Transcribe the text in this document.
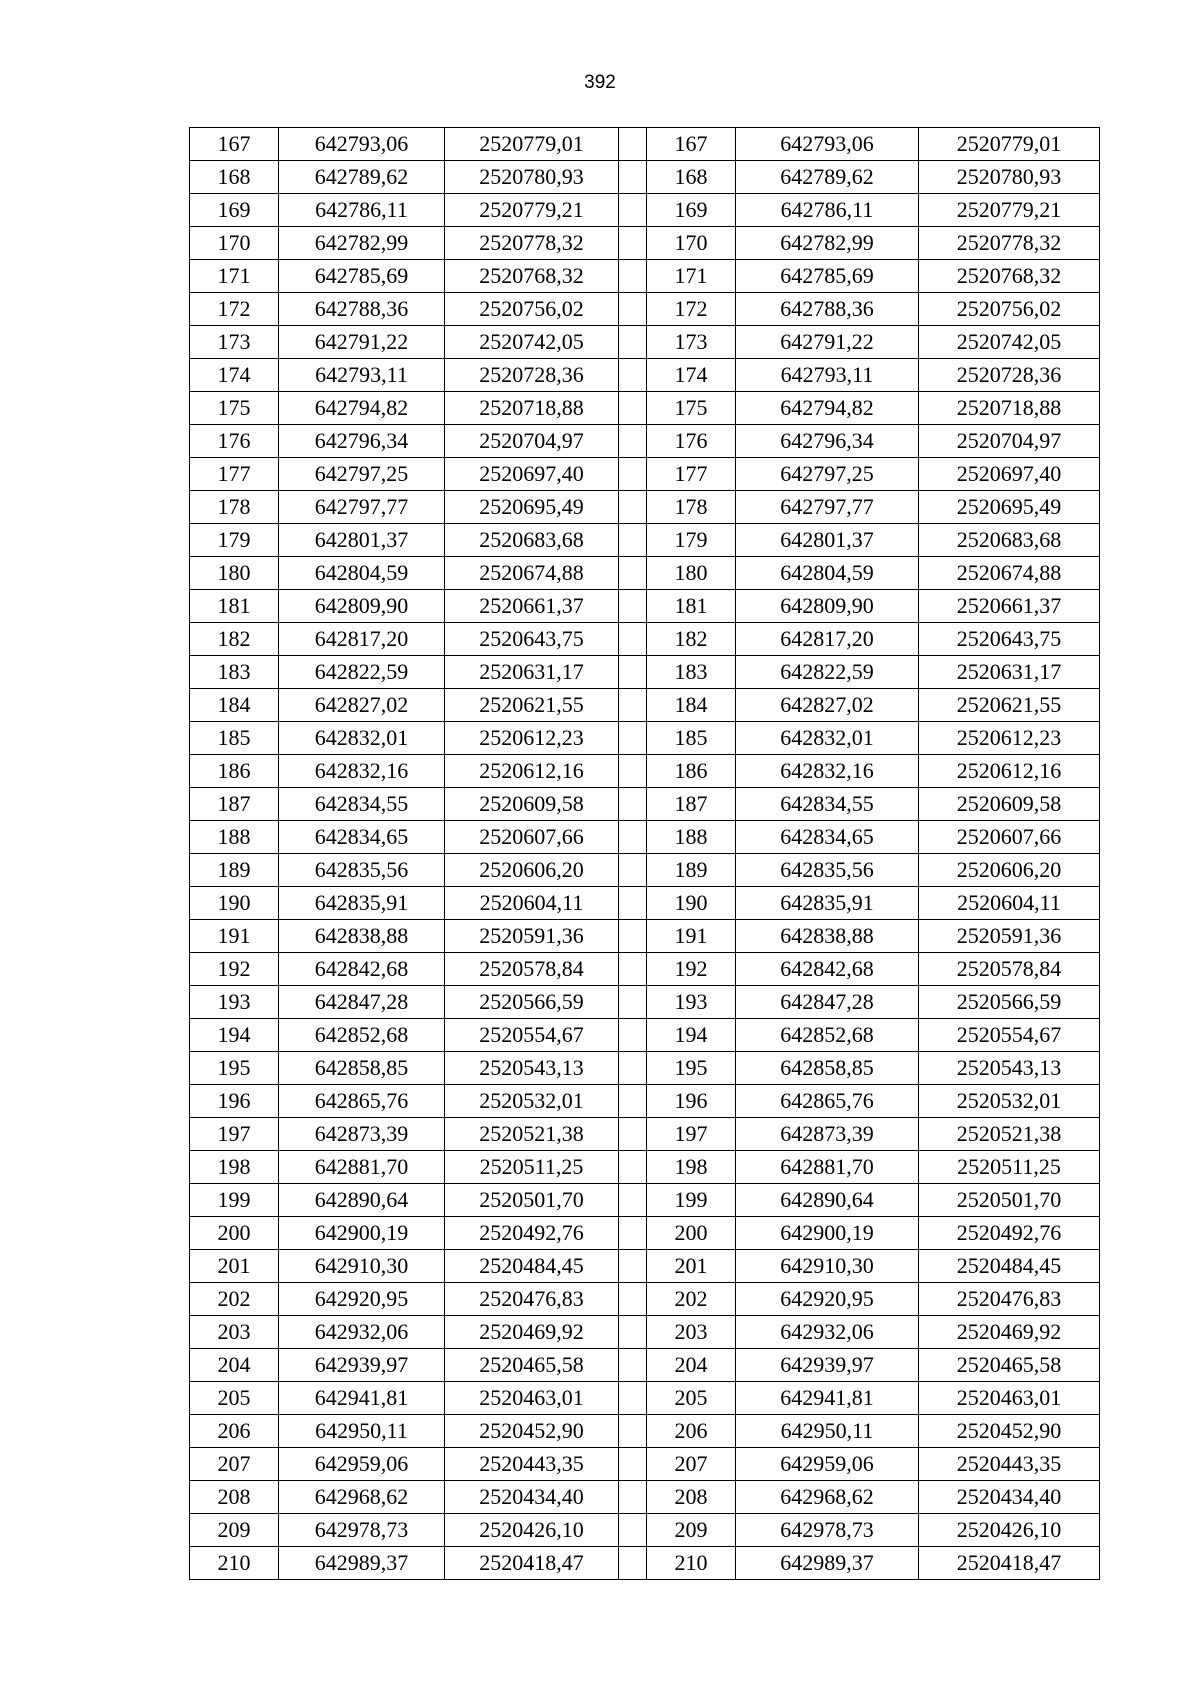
392
167	642793,06	2520779,01		167	642793,06	2520779,01
168	642789,62	2520780,93		168	642789,62	2520780,93
169	642786,11	2520779,21		169	642786,11	2520779,21
170	642782,99	2520778,32		170	642782,99	2520778,32
171	642785,69	2520768,32		171	642785,69	2520768,32
172	642788,36	2520756,02		172	642788,36	2520756,02
173	642791,22	2520742,05		173	642791,22	2520742,05
174	642793,11	2520728,36		174	642793,11	2520728,36
175	642794,82	2520718,88		175	642794,82	2520718,88
176	642796,34	2520704,97		176	642796,34	2520704,97
177	642797,25	2520697,40		177	642797,25	2520697,40
178	642797,77	2520695,49		178	642797,77	2520695,49
179	642801,37	2520683,68		179	642801,37	2520683,68
180	642804,59	2520674,88		180	642804,59	2520674,88
181	642809,90	2520661,37		181	642809,90	2520661,37
182	642817,20	2520643,75		182	642817,20	2520643,75
183	642822,59	2520631,17		183	642822,59	2520631,17
184	642827,02	2520621,55		184	642827,02	2520621,55
185	642832,01	2520612,23		185	642832,01	2520612,23
186	642832,16	2520612,16		186	642832,16	2520612,16
187	642834,55	2520609,58		187	642834,55	2520609,58
188	642834,65	2520607,66		188	642834,65	2520607,66
189	642835,56	2520606,20		189	642835,56	2520606,20
190	642835,91	2520604,11		190	642835,91	2520604,11
191	642838,88	2520591,36		191	642838,88	2520591,36
192	642842,68	2520578,84		192	642842,68	2520578,84
193	642847,28	2520566,59		193	642847,28	2520566,59
194	642852,68	2520554,67		194	642852,68	2520554,67
195	642858,85	2520543,13		195	642858,85	2520543,13
196	642865,76	2520532,01		196	642865,76	2520532,01
197	642873,39	2520521,38		197	642873,39	2520521,38
198	642881,70	2520511,25		198	642881,70	2520511,25
199	642890,64	2520501,70		199	642890,64	2520501,70
200	642900,19	2520492,76		200	642900,19	2520492,76
201	642910,30	2520484,45		201	642910,30	2520484,45
202	642920,95	2520476,83		202	642920,95	2520476,83
203	642932,06	2520469,92		203	642932,06	2520469,92
204	642939,97	2520465,58		204	642939,97	2520465,58
205	642941,81	2520463,01		205	642941,81	2520463,01
206	642950,11	2520452,90		206	642950,11	2520452,90
207	642959,06	2520443,35		207	642959,06	2520443,35
208	642968,62	2520434,40		208	642968,62	2520434,40
209	642978,73	2520426,10		209	642978,73	2520426,10
210	642989,37	2520418,47		210	642989,37	2520418,47
